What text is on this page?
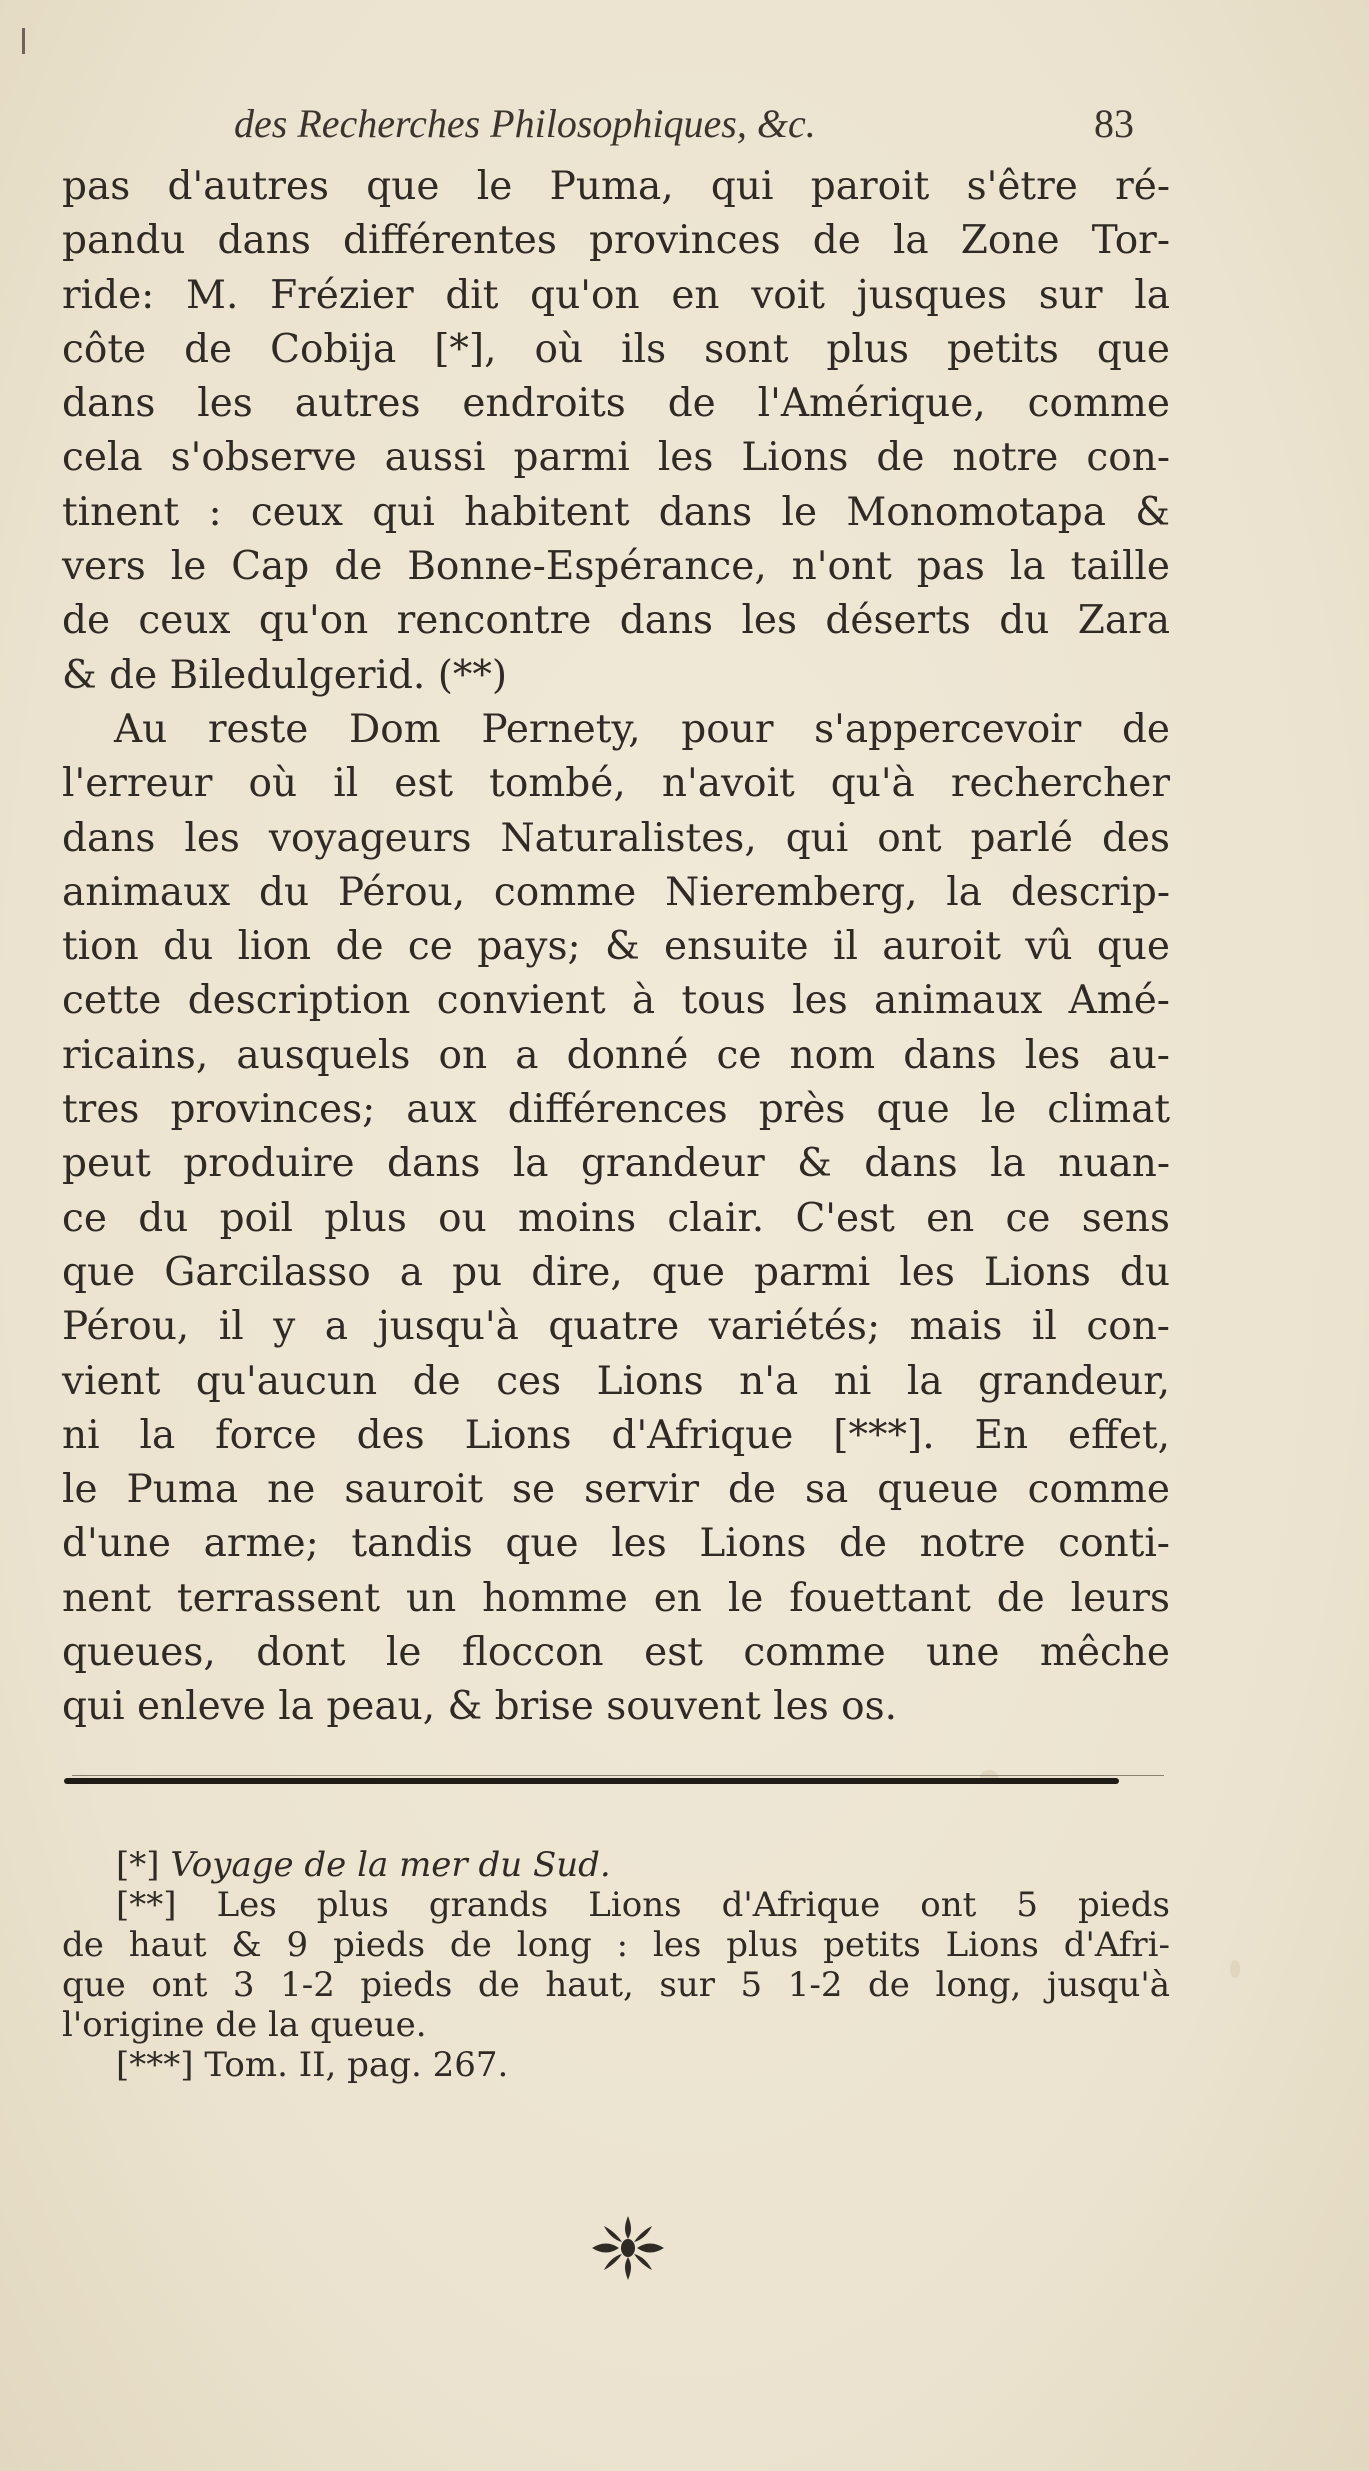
des Recherches Philosophiques, &c.	83
pas d'autres que le Puma, qui paroit s'être ré-
pandu dans différentes provinces de la Zone Tor-
ride: M. Frézier dit qu'on en voit jusques sur la
côte de Cobija [*], où ils sont plus petits que
dans les autres endroits de l'Amérique, comme
cela s'observe aussi parmi les Lions de notre con-
tinent : ceux qui habitent dans le Monomotapa &
vers le Cap de Bonne-Espérance, n'ont pas la taille
de ceux qu'on rencontre dans les déserts du Zara
& de Biledulgerid. (**)
Au reste Dom Pernety, pour s'appercevoir de
l'erreur où il est tombé, n'avoit qu'à rechercher
dans les voyageurs Naturalistes, qui ont parlé des
animaux du Pérou, comme Nieremberg, la descrip-
tion du lion de ce pays; & ensuite il auroit vû que
cette description convient à tous les animaux Amé-
ricains, ausquels on a donné ce nom dans les au-
tres provinces; aux différences près que le climat
peut produire dans la grandeur & dans la nuan-
ce du poil plus ou moins clair. C'est en ce sens
que Garcilasso a pu dire, que parmi les Lions du
Pérou, il y a jusqu'à quatre variétés; mais il con-
vient qu'aucun de ces Lions n'a ni la grandeur,
ni la force des Lions d'Afrique [***]. En effet,
le Puma ne sauroit se servir de sa queue comme
d'une arme; tandis que les Lions de notre conti-
nent terrassent un homme en le fouettant de leurs
queues, dont le floccon est comme une mêche
qui enleve la peau, & brise souvent les os.
[*] Voyage de la mer du Sud.
[**] Les plus grands Lions d'Afrique ont 5 pieds
de haut & 9 pieds de long : les plus petits Lions d'Afri-
que ont 3 1-2 pieds de haut, sur 5 1-2 de long, jusqu'à
l'origine de la queue.
[***] Tom. II, pag. 267.
